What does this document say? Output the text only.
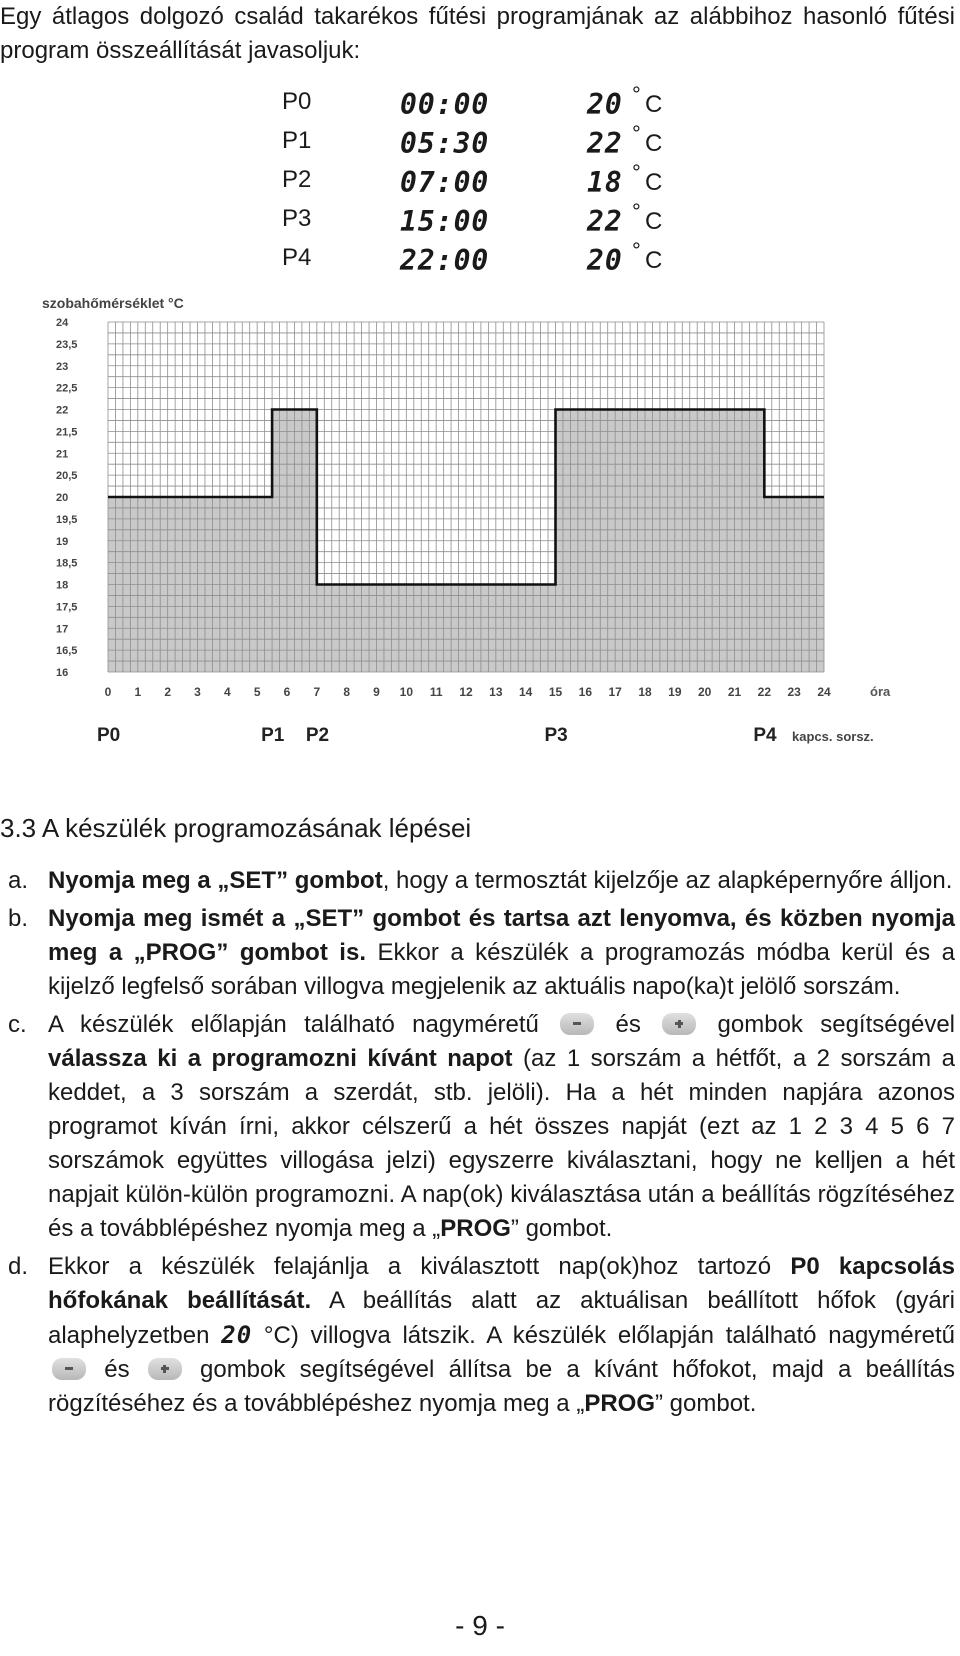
Egy átlagos dolgozó család takarékos fűtési programjának az alábbihoz hasonló fűtési program összeállítását javasoljuk:
P0	00:00	20 ° C
P1	05:30	22 ° C
P2	07:00	18 ° C
P3	15:00	22 ° C
P4	22:00	20 ° C
szobahőmérséklet °C
16
16,5
17
17,5
18
18,5
19
19,5
20
20,5
21
21,5
22
22,5
23
23,5
24
0 1 2 3 4 5 6 7 8 9 10 11 12 13 14 15 16 17 18 19 20 21 22 23 24
P0	P1 P2	P3	P4
óra
kapcs. sorsz.
3.3 A készülék programozásának lépései
a. Nyomja meg a „SET” gombot, hogy a termosztát kijelzője az alapképernyőre álljon.
b. Nyomja meg ismét a „SET” gombot és tartsa azt lenyomva, és közben nyomja meg a „PROG” gombot is. Ekkor a készülék a programozás módba kerül és a kijelző legfelső sorában villogva megjelenik az aktuális napo(ka)t jelölő sorszám.
c. A készülék előlapján található nagyméretű  és  gombok segítségével válassza ki a programozni kívánt napot (az 1 sorszám a hétfőt, a 2 sorszám a keddet, a 3 sorszám a szerdát, stb. jelöli). Ha a hét minden napjára azonos programot kíván írni, akkor célszerű a hét összes napját (ezt az 1 2 3 4 5 6 7 sorszámok együttes villogása jelzi) egyszerre kiválasztani, hogy ne kelljen a hét napjait külön-külön programozni. A nap(ok) kiválasztása után a beállítás rögzítéséhez és a továbblépéshez nyomja meg a „PROG” gombot.
d. Ekkor a készülék felajánlja a kiválasztott nap(ok)hoz tartozó P0 kapcsolás hőfokának beállítását. A beállítás alatt az aktuálisan beállított hőfok (gyári alaphelyzetben 20 °C) villogva látszik. A készülék előlapján található nagyméretű  és  gombok segítségével állítsa be a kívánt hőfokot, majd a beállítás rögzítéséhez és a továbblépéshez nyomja meg a „PROG” gombot.
- 9 -
